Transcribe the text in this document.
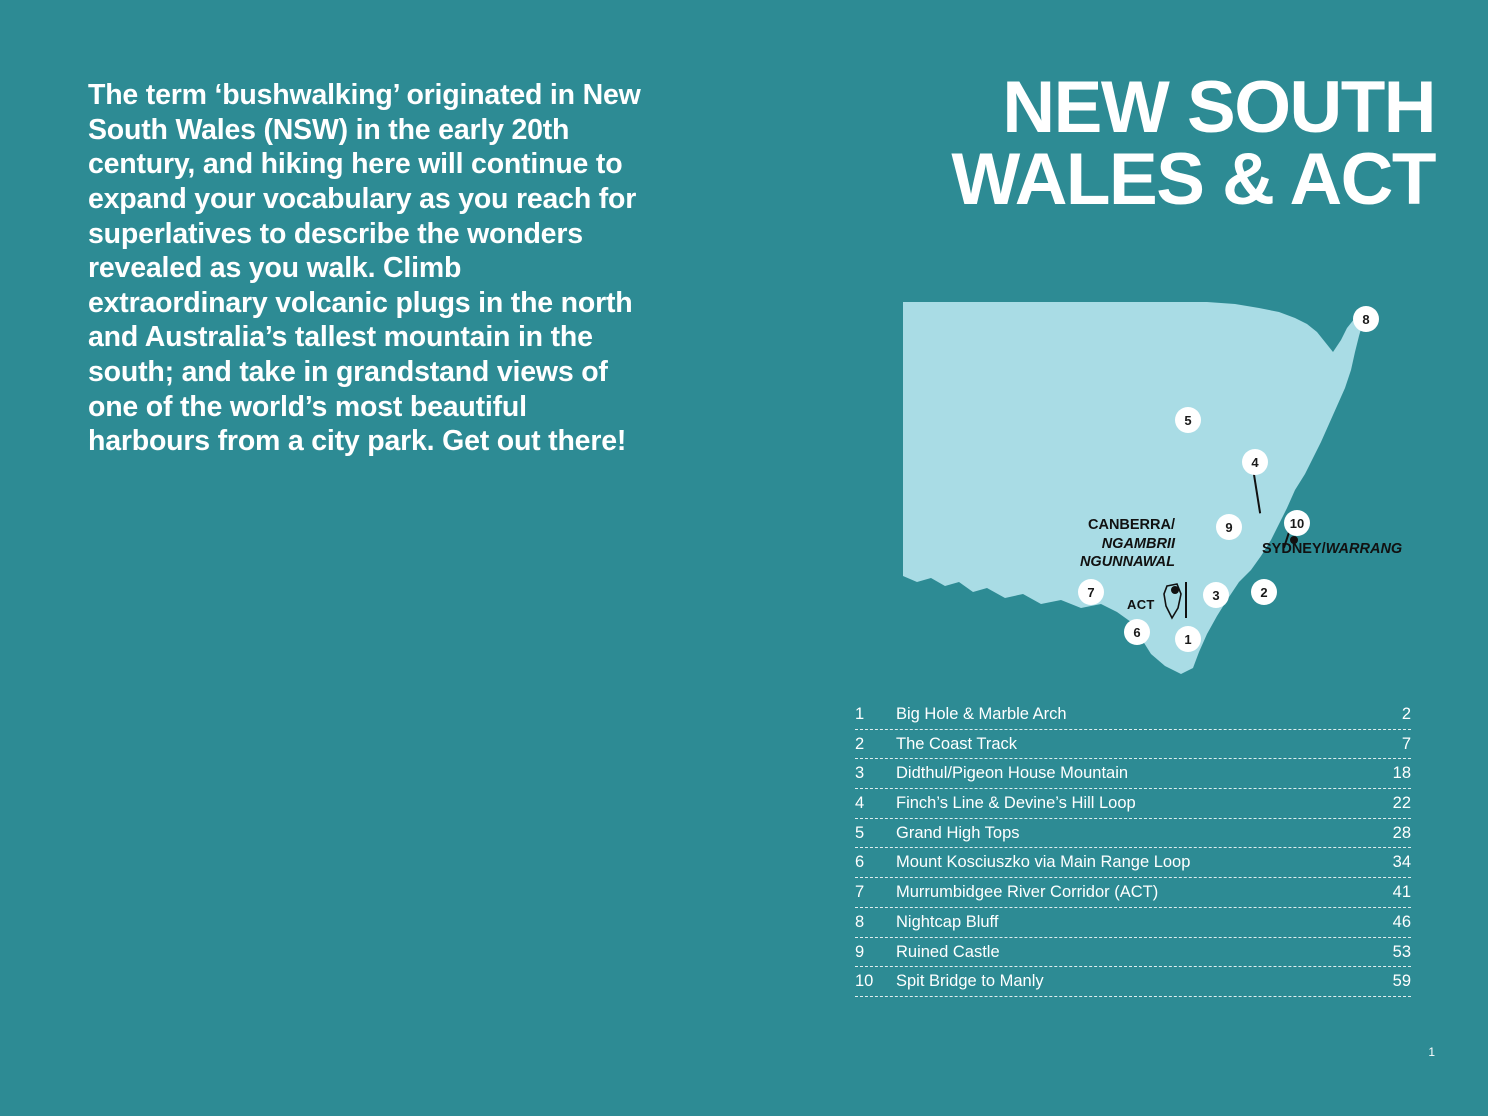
The term ‘bushwalking’ originated in New South Wales (NSW) in the early 20th century, and hiking here will continue to expand your vocabulary as you reach for superlatives to describe the wonders revealed as you walk. Climb extraordinary volcanic plugs in the north and Australia’s tallest mountain in the south; and take in grandstand views of one of the world’s most beautiful harbours from a city park. Get out there!
NEW SOUTH
WALES & ACT
8
5
4
10
9
3	2
7
6	1
CANBERRA/
NGAMBRII
NGUNNAWAL
ACT
SYDNEY/WARRANG
1	Big Hole & Marble Arch	2
2	The Coast Track	7
3	Didthul/Pigeon House Mountain	18
4	Finch’s Line & Devine’s Hill Loop	22
5	Grand High Tops	28
6	Mount Kosciuszko via Main Range Loop	34
7	Murrumbidgee River Corridor (ACT)	41
8	Nightcap Bluff	46
9	Ruined Castle	53
10	Spit Bridge to Manly	59
1
